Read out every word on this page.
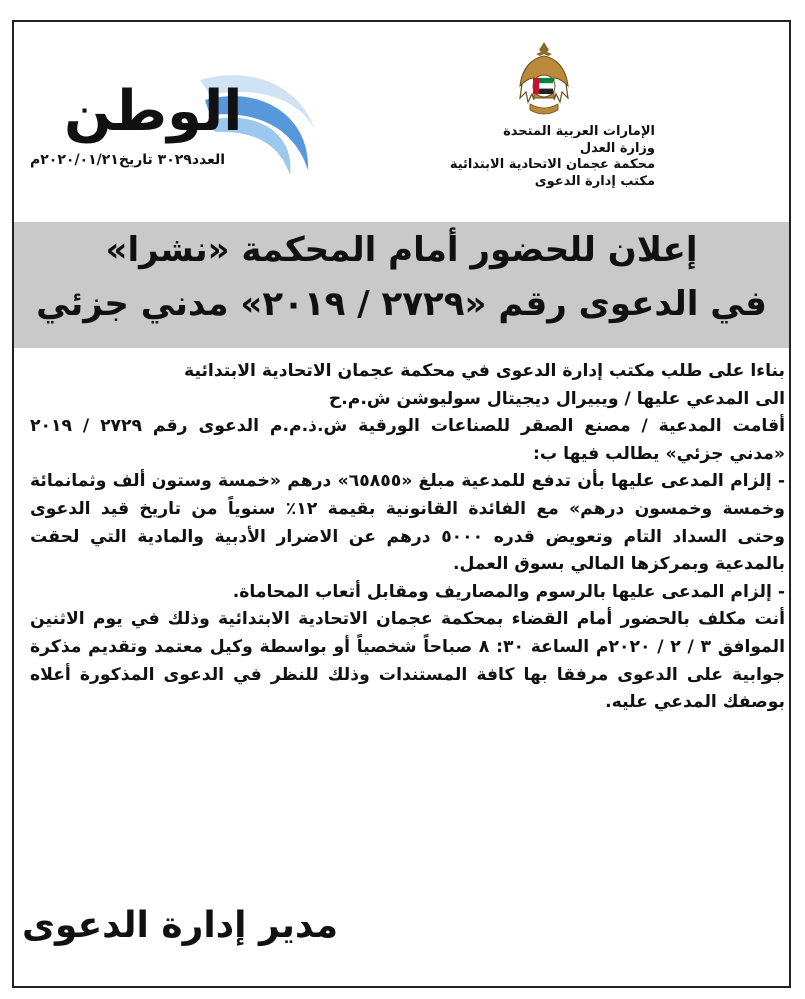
الإمارات العربية المتحدة
وزارة العدل
محكمة عجمان الاتحادية الابتدائية
مكتب إدارة الدعوى
الوطن
العدد٣٠٢٩ تاريخ٢٠٢٠/٠١/٢١م
إعلان للحضور أمام المحكمة «نشرا»
في الدعوى رقم «٢٧٢٩ / ٢٠١٩» مدني جزئي

بناءا على طلب مكتب إدارة الدعوى في محكمة عجمان الاتحادية الابتدائية

الى المدعي عليها / ويبيرال ديجيتال سوليوشن ش.م.ح

أقامت المدعية / مصنع الصقر للصناعات الورقية ش.ذ.م.م الدعوى رقم ٢٧٢٩ / ٢٠١٩ «مدني جزئي» يطالب فيها ب:

- إلزام المدعى عليها بأن تدفع للمدعية مبلغ «٦٥٨٥٥» درهم «خمسة وستون ألف وثمانمائة وخمسة وخمسون درهم» مع الفائدة القانونية بقيمة ١٢٪ سنوياً من تاريخ قيد الدعوى وحتى السداد التام وتعويض قدره ٥٠٠٠ درهم عن الاضرار الأدبية والمادية التي لحقت بالمدعية وبمركزها المالي بسوق العمل.

- إلزام المدعى عليها بالرسوم والمصاريف ومقابل أتعاب المحاماة.

أنت مكلف بالحضور أمام القضاء بمحكمة عجمان الاتحادية الابتدائية وذلك في يوم الاثنين الموافق ٣ / ٢ / ٢٠٢٠م الساعة ٣٠: ٨ صباحاً شخصياً أو بواسطة وكيل معتمد وتقديم مذكرة جوابية على الدعوى مرفقا بها كافة المستندات وذلك للنظر في الدعوى المذكورة أعلاه بوصفك المدعي عليه.

مدير إدارة الدعوى
